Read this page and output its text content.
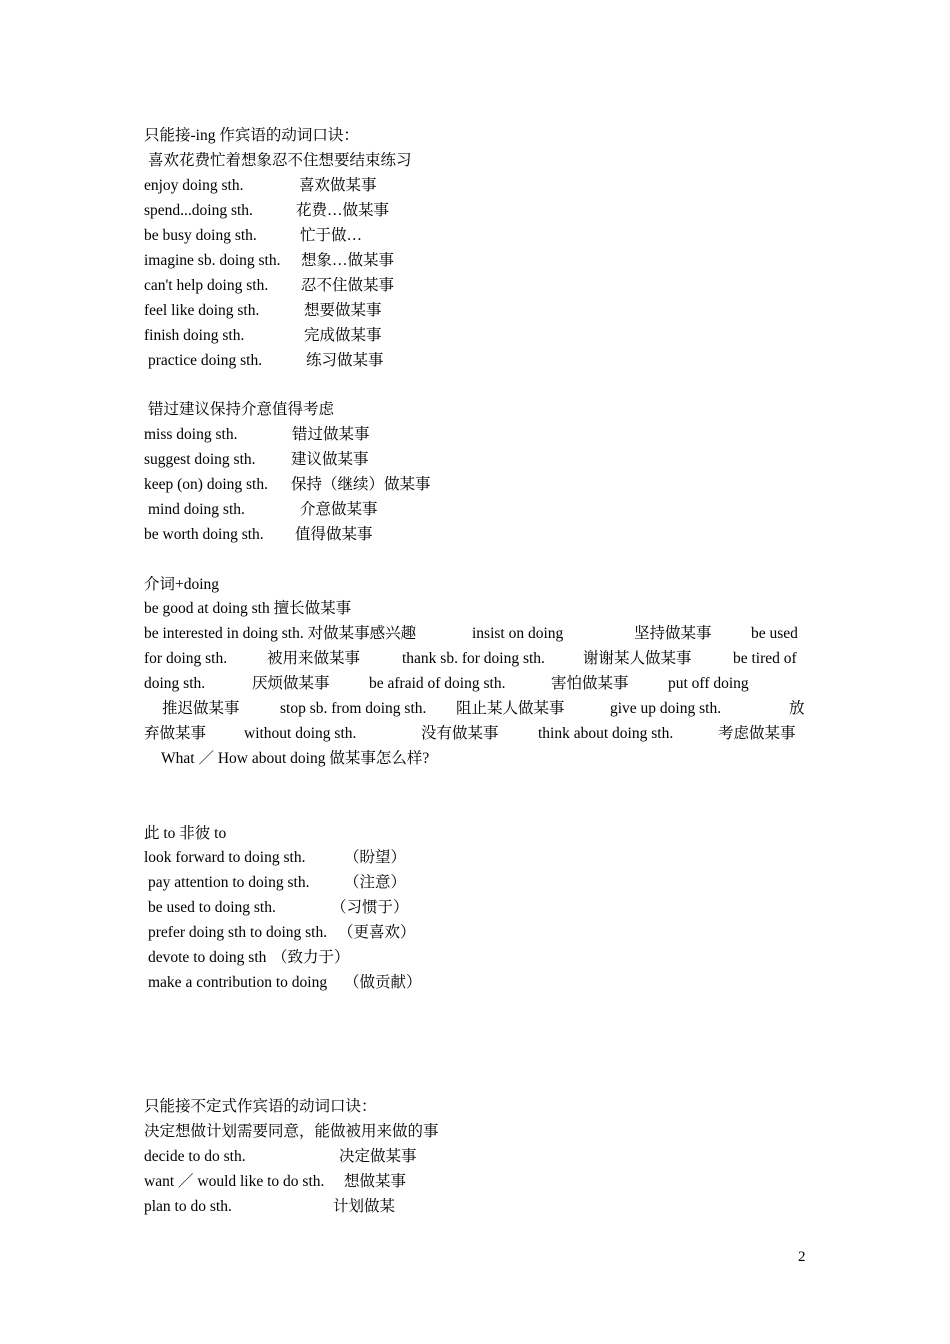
只能接-ing 作宾语的动词口诀：
喜欢花费忙着想象忍不住想要结束练习
enjoy doing sth.	喜欢做某事
spend...doing sth.	花费…做某事
be busy doing sth.	忙于做…
imagine sb. doing sth. 想象…做某事
can't help doing sth. 忍不住做某事
feel like doing sth.	想要做某事
finish doing sth.	完成做某事
practice doing sth.	练习做某事
错过建议保持介意值得考虑
miss doing sth.	错过做某事
suggest doing sth. 建议做某事
keep (on) doing sth. 保持（继续）做某事
mind doing sth.	介意做某事
be worth doing sth. 值得做某事
介词+doing
be good at doing sth 擅长做某事
be interested in doing sth. 对做某事感兴趣	insist on doing	坚持做某事	be used
for doing sth.	被用来做某事	thank sb. for doing sth. 谢谢某人做某事	be tired of
doing sth.	厌烦做某事	be afraid of doing sth.	害怕做某事	put off doing
推迟做某事	stop sb. from doing sth. 阻止某人做某事	give up doing sth.	放
弃做某事 without doing sth.	没有做某事	think about doing sth.	考虑做某事
What ／ How about doing 做某事怎么样?
此 to 非彼 to
look forward to doing sth. （盼望）
pay attention to doing sth. （注意）
be used to doing sth.	（习惯于）
prefer doing sth to doing sth. （更喜欢）
devote to doing sth （致力于）
make a contribution to doing （做贡献）
只能接不定式作宾语的动词口诀：
决定想做计划需要同意，能做被用来做的事
decide to do sth.	决定做某事
want ／ would like to do sth. 想做某事
plan to do sth.	计划做某
2
